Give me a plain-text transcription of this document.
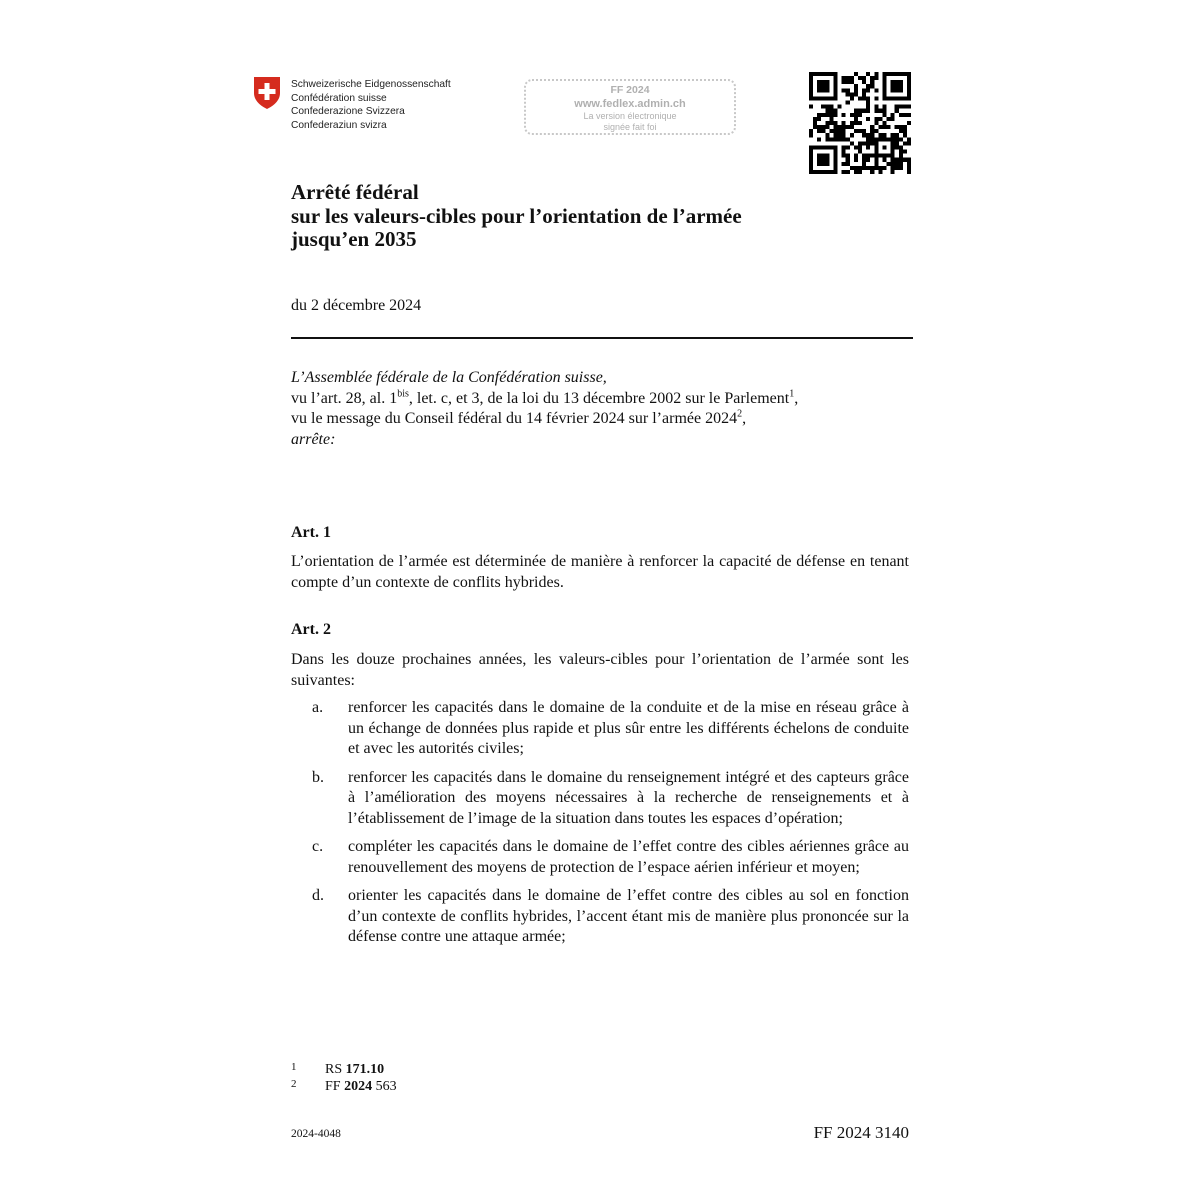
Schweizerische Eidgenossenschaft
Confédération suisse
Confederazione Svizzera
Confederaziun svizra
FF 2024
www.fedlex.admin.ch
La version électronique
signée fait foi
Arrêté fédéral
sur les valeurs-cibles pour l’orientation de l’armée
jusqu’en 2035
du 2 décembre 2024
L’Assemblée fédérale de la Confédération suisse,
vu l’art. 28, al. $1^{bis}$, let. c, et 3, de la loi du 13 décembre 2002 sur le Parlement$^1$,
vu le message du Conseil fédéral du 14 février 2024 sur l’armée 2024$^2$,
arrête:
Art. 1
L’orientation de l’armée est déterminée de manière à renforcer la capacité de défense en tenant compte d’un contexte de conflits hybrides.
Art. 2
Dans les douze prochaines années, les valeurs-cibles pour l’orientation de l’armée sont les suivantes:
a. renforcer les capacités dans le domaine de la conduite et de la mise en réseau grâce à un échange de données plus rapide et plus sûr entre les différents échelons de conduite et avec les autorités civiles;
b. renforcer les capacités dans le domaine du renseignement intégré et des capteurs grâce à l’amélioration des moyens nécessaires à la recherche de renseignements et à l’établissement de l’image de la situation dans toutes les espaces d’opération;
c. compléter les capacités dans le domaine de l’effet contre des cibles aériennes grâce au renouvellement des moyens de protection de l’espace aérien inférieur et moyen;
d. orienter les capacités dans le domaine de l’effet contre des cibles au sol en fonction d’un contexte de conflits hybrides, l’accent étant mis de manière plus prononcée sur la défense contre une attaque armée;
1 RS 171.10
2 FF 2024 563
2024-4048	FF 2024 3140
